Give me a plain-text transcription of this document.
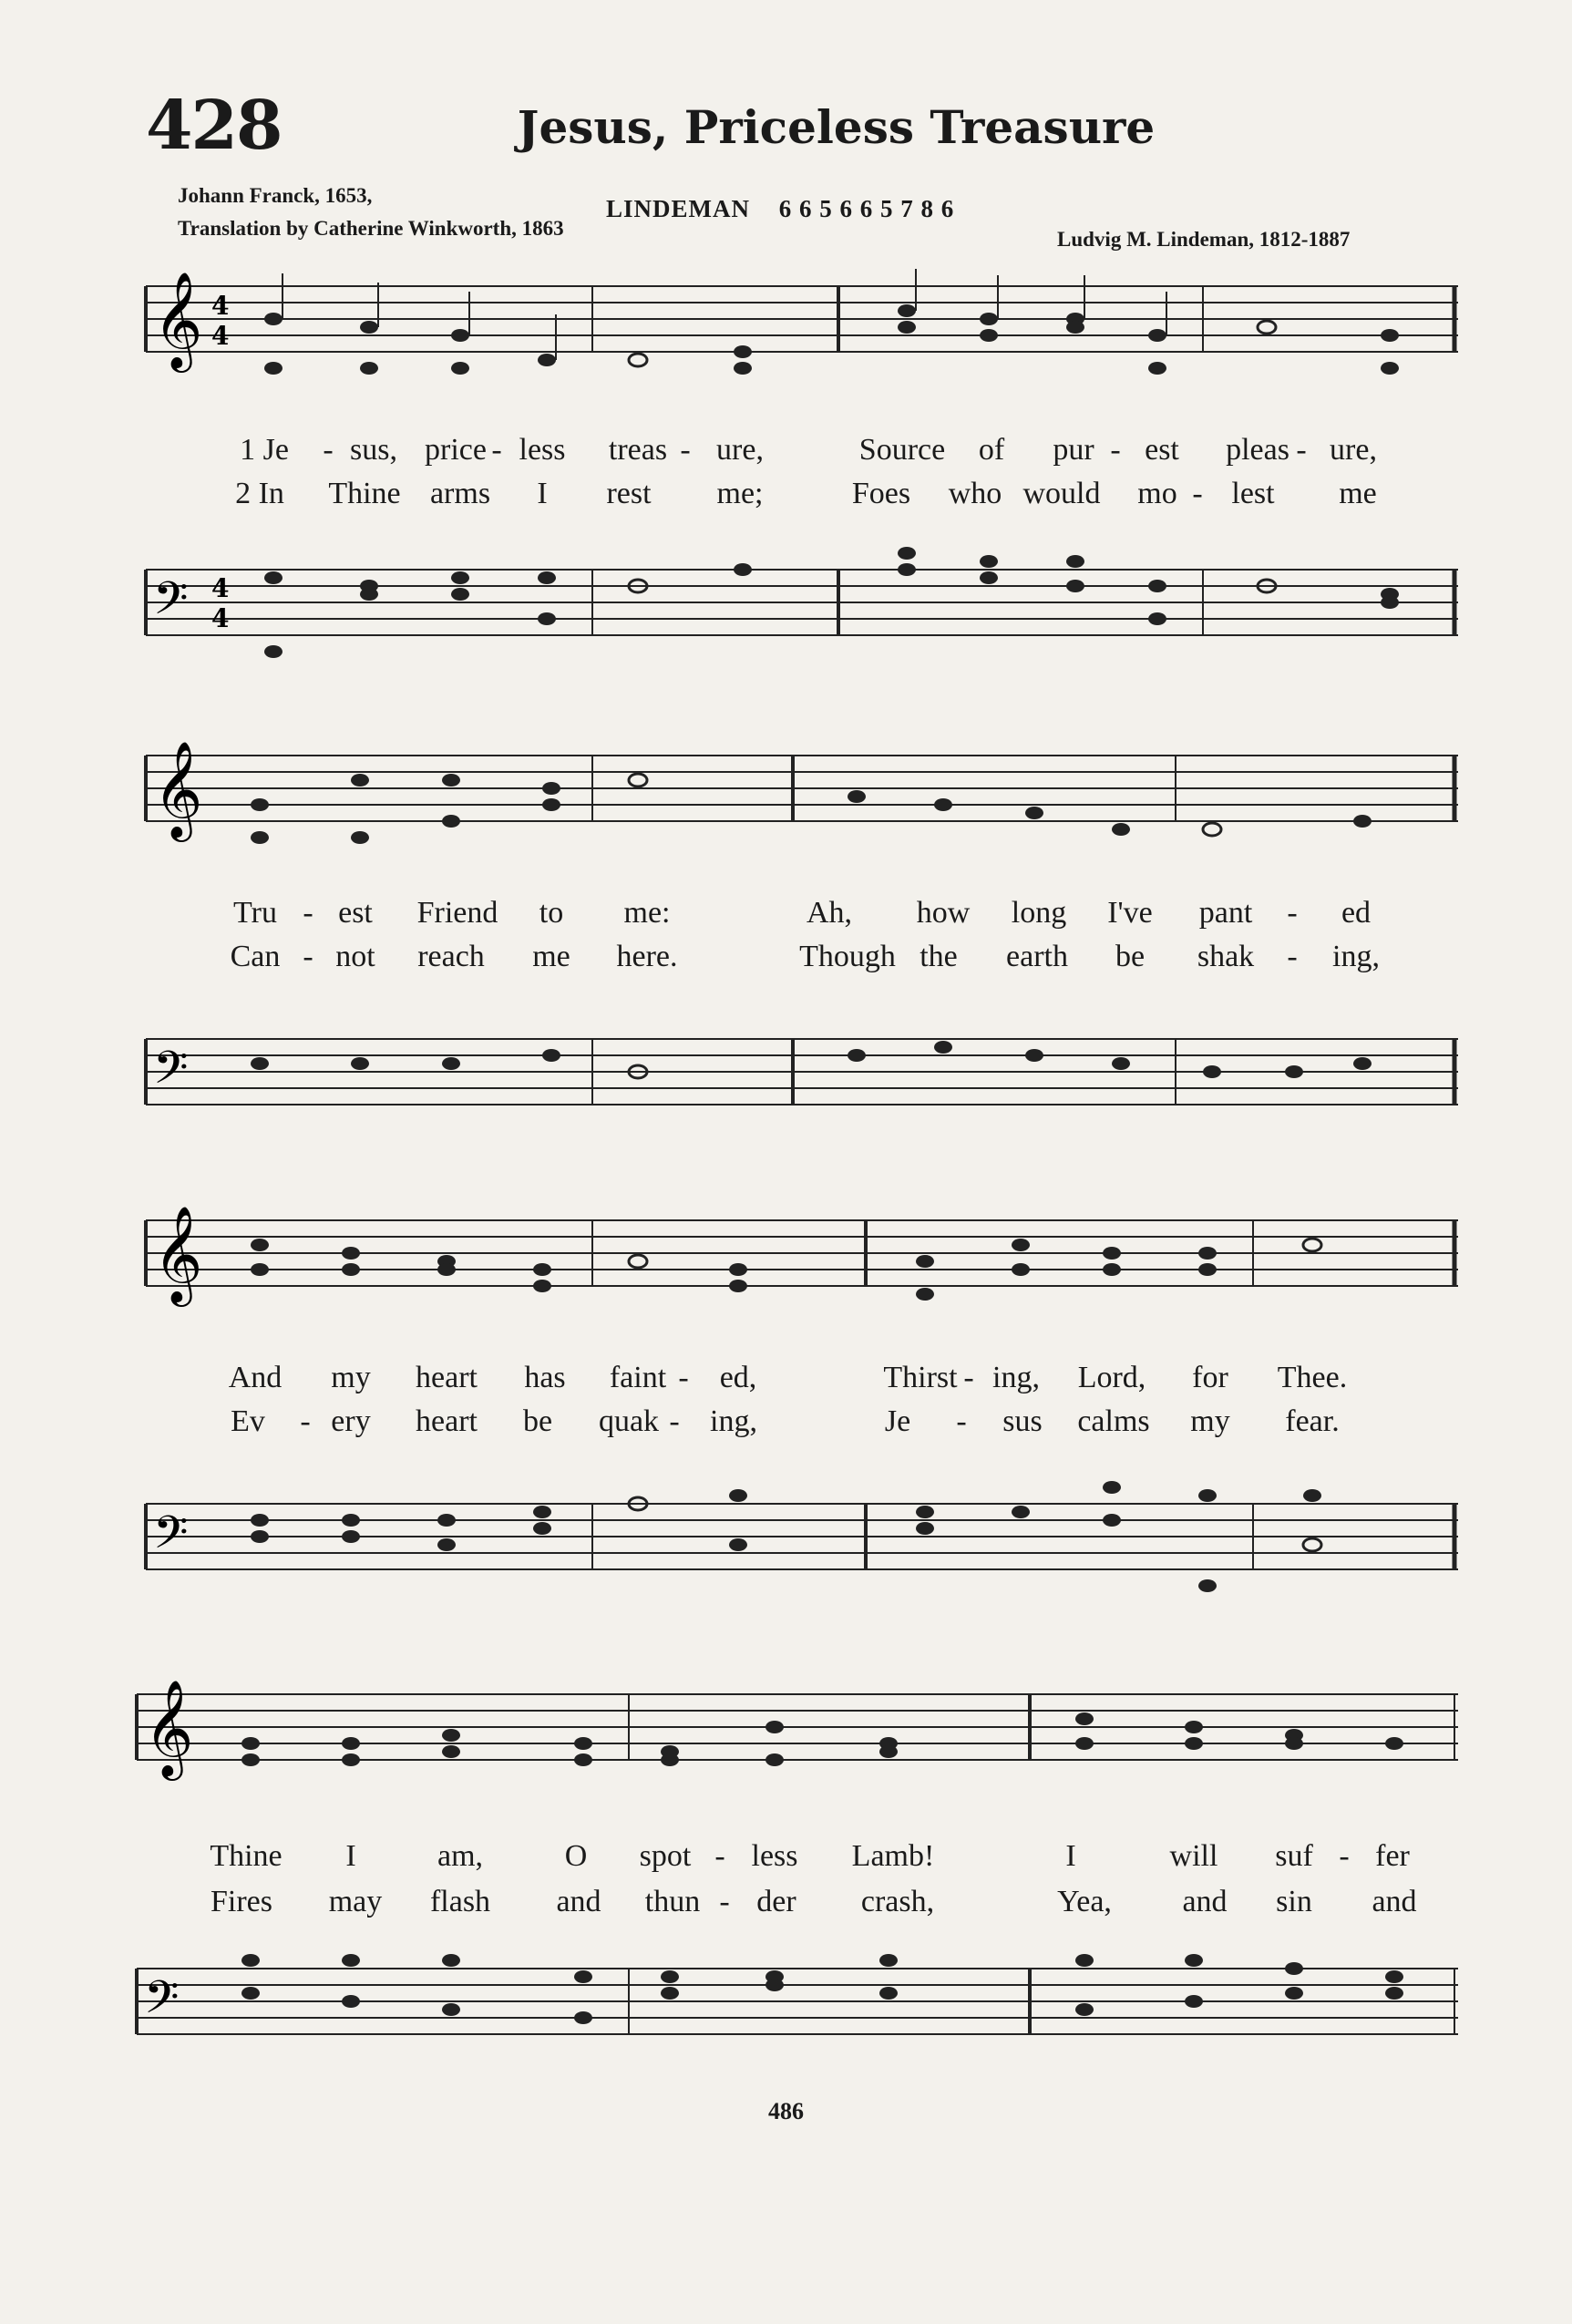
428	Jesus, Priceless Treasure
Johann Franck, 1653,
Translation by Catherine Winkworth, 1863
LINDEMAN 6 6 5 6 6 5 7 8 6
Ludvig M. Lindeman, 1812-1887
𝄞 4
4
1 Je - sus, price - less treas - ure,	Source of pur - est pleas - ure,
2 In Thine arms I rest me;	Foes who would mo - lest me
𝄢 4
4
𝄞
Tru - est Friend to me:	Ah, how long I've pant - ed
Can - not reach me here.	Though the earth be shak - ing,
𝄢
𝄞
And my heart has faint - ed,	Thirst - ing, Lord, for Thee.
Ev - ery heart be quak - ing,	Je - sus calms my fear.
𝄢
𝄞
Thine I	am,	O spot - less Lamb!	I	will suf - fer
Fires may flash and thun - der crash,	Yea, and sin and
𝄢
486
